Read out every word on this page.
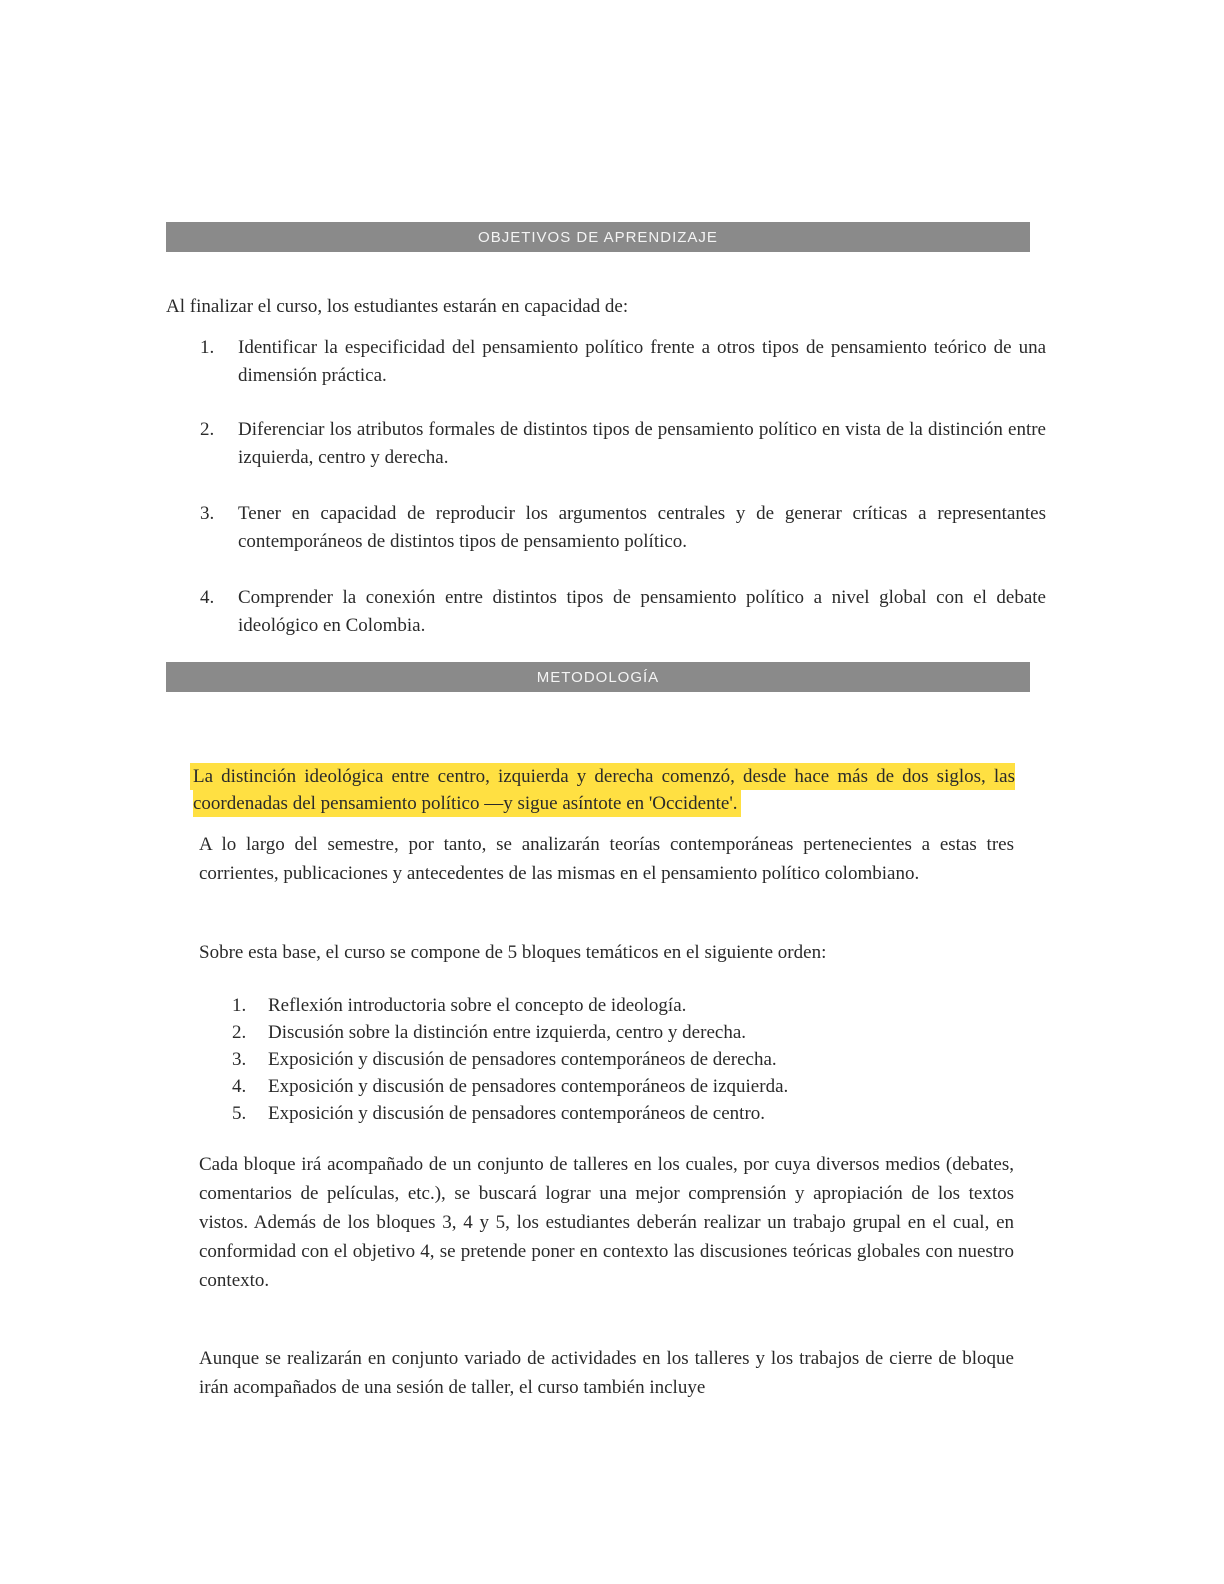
OBJETIVOS DE APRENDIZAJE

Al finalizar el curso, los estudiantes estarán en capacidad de:

1.	Identificar la especificidad del pensamiento político frente a otros tipos de pensamiento teórico de una dimensión práctica.
2.	Diferenciar los atributos formales de distintos tipos de pensamiento político en vista de la distinción entre izquierda, centro y derecha.
3.	Tener en capacidad de reproducir los argumentos centrales y de generar críticas a representantes contemporáneos de distintos tipos de pensamiento político.
4.	Comprender la conexión entre distintos tipos de pensamiento político a nivel global con el debate ideológico en Colombia.
METODOLOGÍA

La distinción ideológica entre centro, izquierda y derecha comenzó, desde hace más de dos siglos, las coordenadas del pensamiento político —y sigue asíntote en 'Occidente'.

A lo largo del semestre, por tanto, se analizarán teorías contemporáneas pertenecientes a estas tres corrientes, publicaciones y antecedentes de las mismas en el pensamiento político colombiano.

Sobre esta base, el curso se compone de 5 bloques temáticos en el siguiente orden:

1.	Reflexión introductoria sobre el concepto de ideología.
2.	Discusión sobre la distinción entre izquierda, centro y derecha.
3.	Exposición y discusión de pensadores contemporáneos de derecha.
4.	Exposición y discusión de pensadores contemporáneos de izquierda.
5.	Exposición y discusión de pensadores contemporáneos de centro.

Cada bloque irá acompañado de un conjunto de talleres en los cuales, por cuya diversos medios (debates, comentarios de películas, etc.), se buscará lograr una mejor comprensión y apropiación de los textos vistos. Además de los bloques 3, 4 y 5, los estudiantes deberán realizar un trabajo grupal en el cual, en conformidad con el objetivo 4, se pretende poner en contexto las discusiones teóricas globales con nuestro contexto.

Aunque se realizarán en conjunto variado de actividades en los talleres y los trabajos de cierre de bloque irán acompañados de una sesión de taller, el curso también incluye
